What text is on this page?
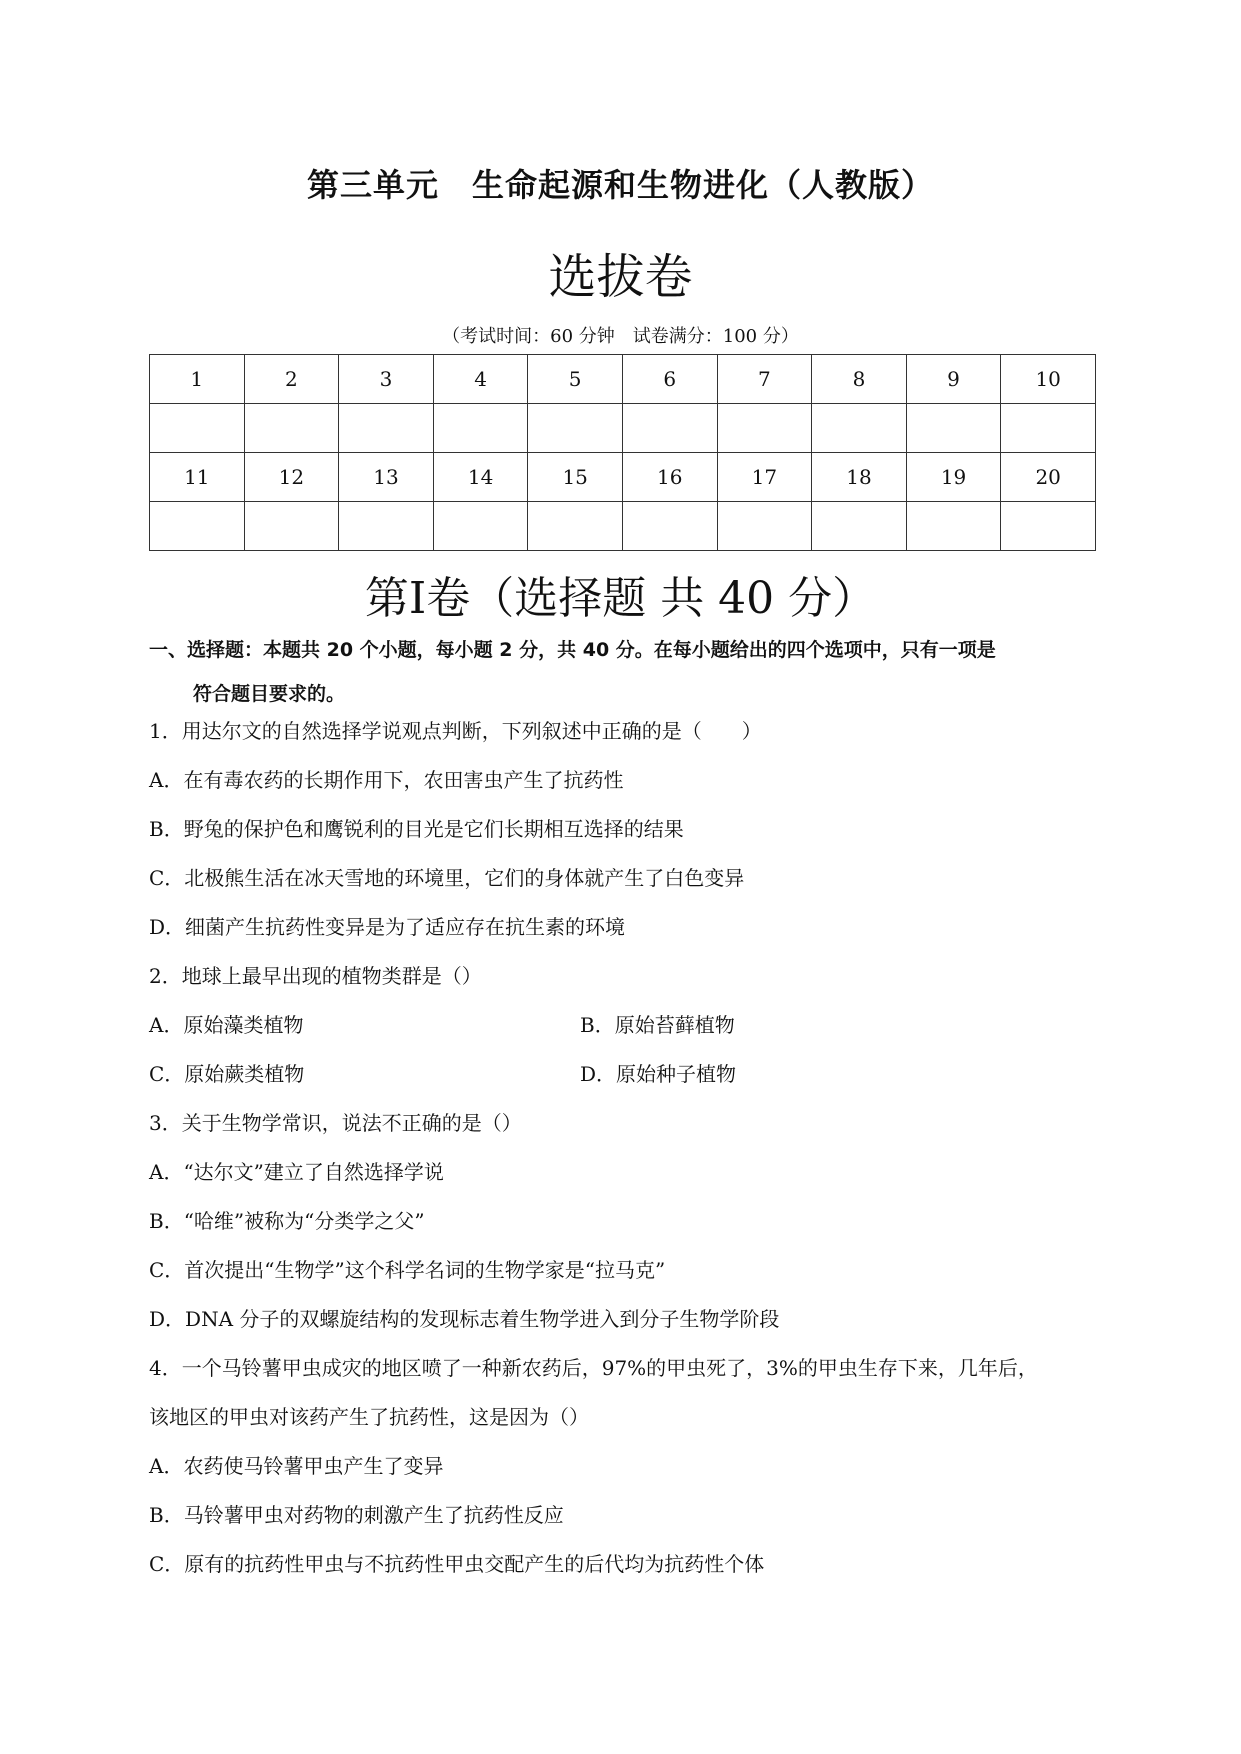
第三单元　生命起源和生物进化（人教版）
选拔卷
（考试时间：60 分钟　试卷满分：100 分）
1	2	3	4	5	6	7	8	9	10

11	12	13	14	15	16	17	18	19	20

第I卷（选择题 共 40 分）
一、选择题：本题共 20 个小题，每小题 2 分，共 40 分。在每小题给出的四个选项中，只有一项是
符合题目要求的。
1．用达尔文的自然选择学说观点判断，下列叙述中正确的是（　　）
A．在有毒农药的长期作用下，农田害虫产生了抗药性
B．野兔的保护色和鹰锐利的目光是它们长期相互选择的结果
C．北极熊生活在冰天雪地的环境里，它们的身体就产生了白色变异
D．细菌产生抗药性变异是为了适应存在抗生素的环境
2．地球上最早出现的植物类群是（）
A．原始藻类植物	B．原始苔藓植物
C．原始蕨类植物	D．原始种子植物
3．关于生物学常识，说法不正确的是（）
A．“达尔文”建立了自然选择学说
B．“哈维”被称为“分类学之父”
C．首次提出“生物学”这个科学名词的生物学家是“拉马克”
D．DNA 分子的双螺旋结构的发现标志着生物学进入到分子生物学阶段
4．一个马铃薯甲虫成灾的地区喷了一种新农药后，97%的甲虫死了，3%的甲虫生存下来，几年后，
该地区的甲虫对该药产生了抗药性，这是因为（）
A．农药使马铃薯甲虫产生了变异
B．马铃薯甲虫对药物的刺激产生了抗药性反应
C．原有的抗药性甲虫与不抗药性甲虫交配产生的后代均为抗药性个体
